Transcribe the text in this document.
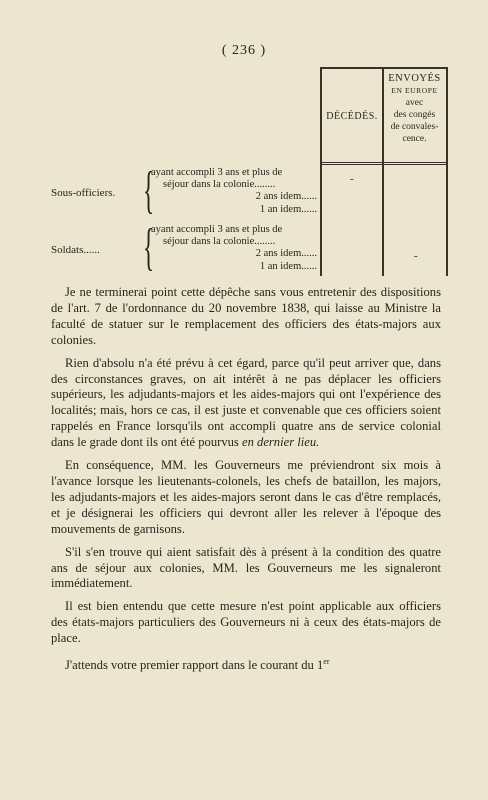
( 236 )
DÉCÉDÉS.
ENVOYÉS
EN EUROPE
avec
des congés
de convales-
cence.
-
-
Sous-officiers. {
ayant accompli 3 ans et plus de
séjour dans la colonie........
2 ans idem......
1 an idem......
Soldats...... {
ayant accompli 3 ans et plus de
séjour dans la colonie........
2 ans idem......
1 an idem......

Je ne terminerai point cette dépêche sans vous entretenir des dispositions de l'art. 7 de l'ordonnance du 20 novembre 1838, qui laisse au Ministre la faculté de statuer sur le remplacement des officiers des états-majors aux colonies.

Rien d'absolu n'a été prévu à cet égard, parce qu'il peut arriver que, dans des circonstances graves, on ait intérêt à ne pas déplacer les officiers supérieurs, les adjudants-majors et les aides-majors qui ont l'expérience des localités; mais, hors ce cas, il est juste et convenable que ces officiers soient rappelés en France lorsqu'ils ont accompli quatre ans de service colonial dans le grade dont ils ont été pourvus en dernier lieu.

En conséquence, MM. les Gouverneurs me préviendront six mois à l'avance lorsque les lieutenants-colonels, les chefs de bataillon, les majors, les adjudants-majors et les aides-majors seront dans le cas d'être remplacés, et je désignerai les officiers qui devront aller les relever à l'époque des mouvements de garnisons.

S'il s'en trouve qui aient satisfait dès à présent à la condition des quatre ans de séjour aux colonies, MM. les Gouverneurs me les signaleront immédiatement.

Il est bien entendu que cette mesure n'est point applicable aux officiers des états-majors particuliers des Gouverneurs ni à ceux des états-majors de place.

J'attends votre premier rapport dans le courant du 1er
